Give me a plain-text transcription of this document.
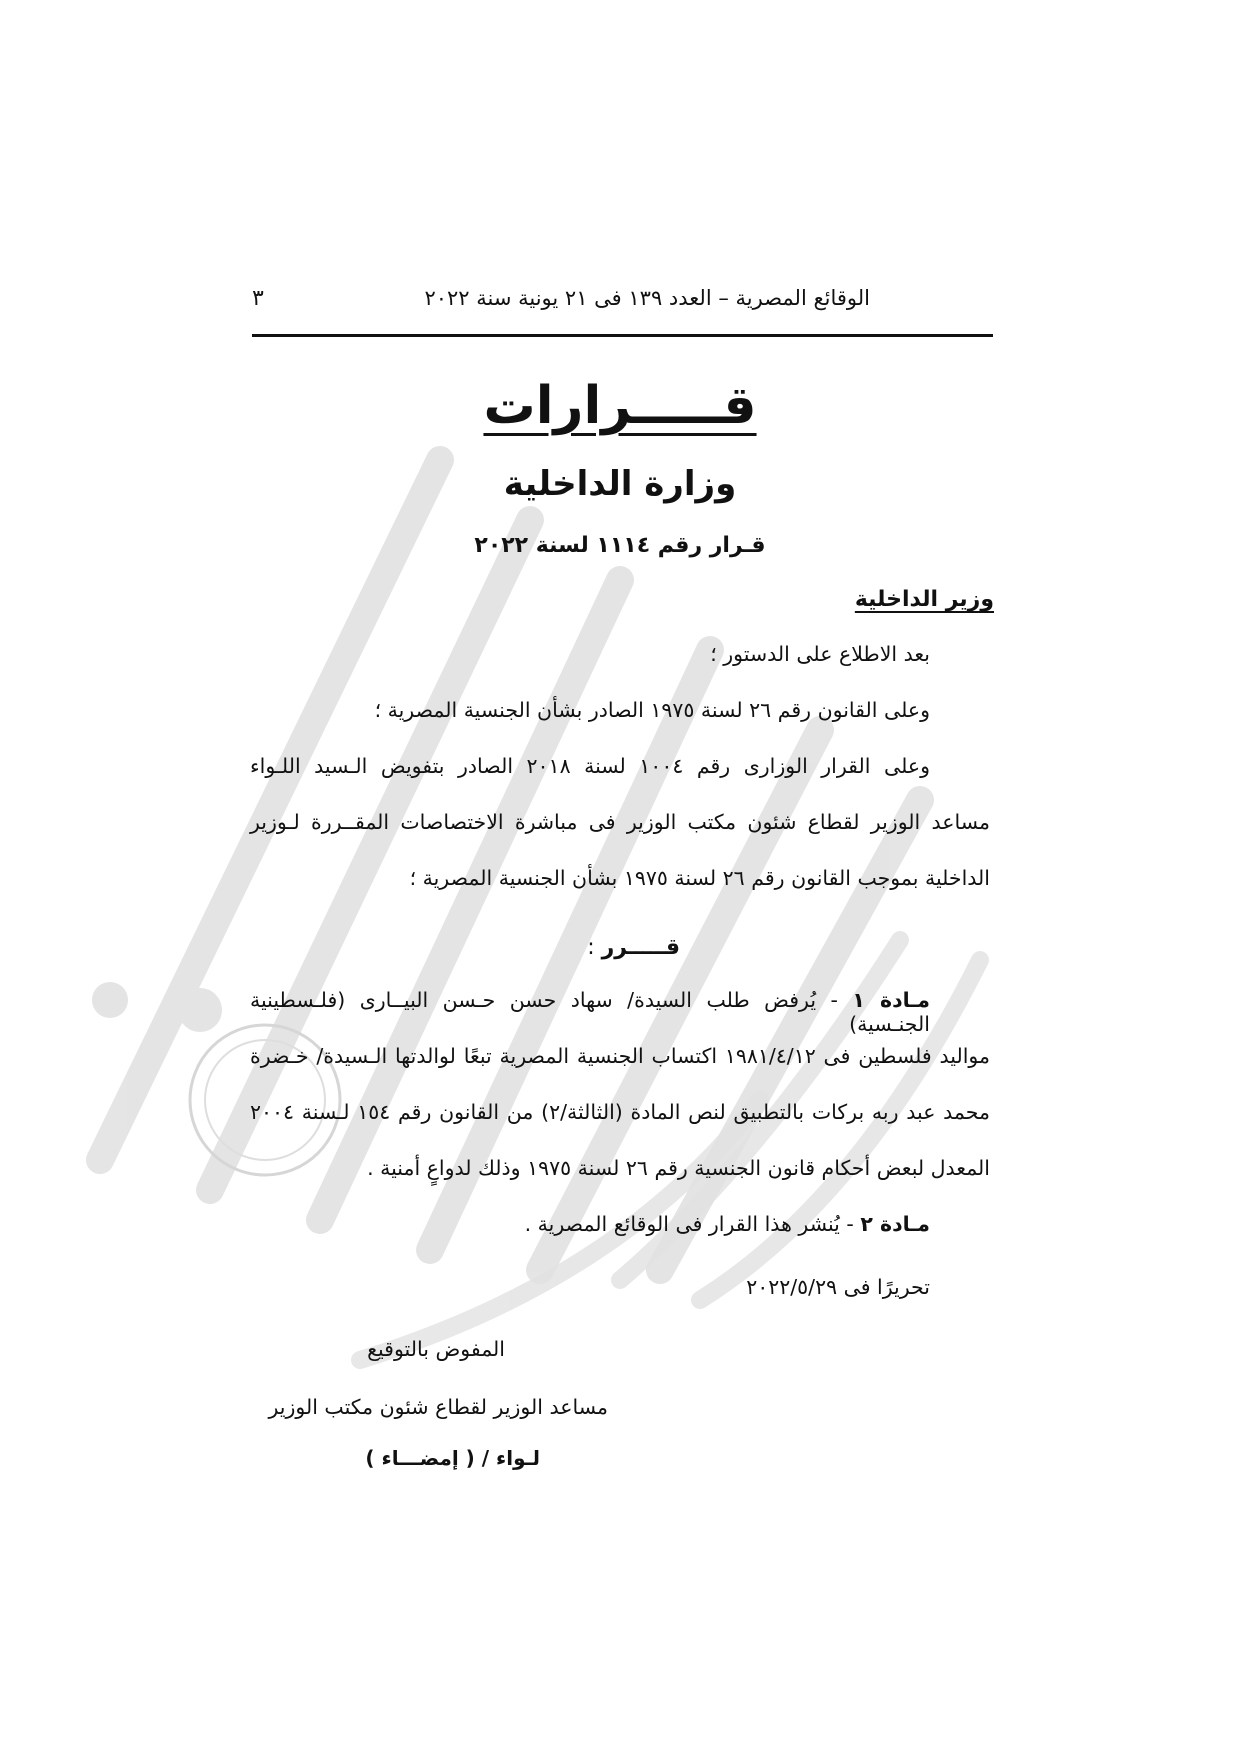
الوقائع المصرية – العدد ١٣٩ فى ٢١ يونية سنة ٢٠٢٢
٣
قـــــرارات
وزارة الداخلية
قـرار رقم ١١١٤ لسنة ٢٠٢٢
وزير الداخلية
بعد الاطلاع على الدستور ؛
وعلى القانون رقم ٢٦ لسنة ١٩٧٥ الصادر بشأن الجنسية المصرية ؛
وعلى القرار الوزارى رقم ١٠٠٤ لسنة ٢٠١٨ الصادر بتفويض الـسيد اللـواء
مساعد الوزير لقطاع شئون مكتب الوزير فى مباشرة الاختصاصات المقــررة لـوزير
الداخلية بموجب القانون رقم ٢٦ لسنة ١٩٧٥ بشأن الجنسية المصرية ؛
قـــــرر :
مـادة ١ - يُرفض طلب السيدة/ سهاد حسن حـسن البيــارى (فلـسطينية الجنـسية)
مواليد فلسطين فى ١٩٨١/٤/١٢ اكتساب الجنسية المصرية تبعًا لوالدتها الـسيدة/ خـضرة
محمد عبد ربه بركات بالتطبيق لنص المادة (الثالثة/٢) من القانون رقم ١٥٤ لـسنة ٢٠٠٤
المعدل لبعض أحكام قانون الجنسية رقم ٢٦ لسنة ١٩٧٥ وذلك لدواعٍ أمنية .
مـادة ٢ - يُنشر هذا القرار فى الوقائع المصرية .
تحريرًا فى ٢٠٢٢/٥/٢٩
المفوض بالتوقيع
مساعد الوزير لقطاع شئون مكتب الوزير
لـواء / ( إمضـــاء )
